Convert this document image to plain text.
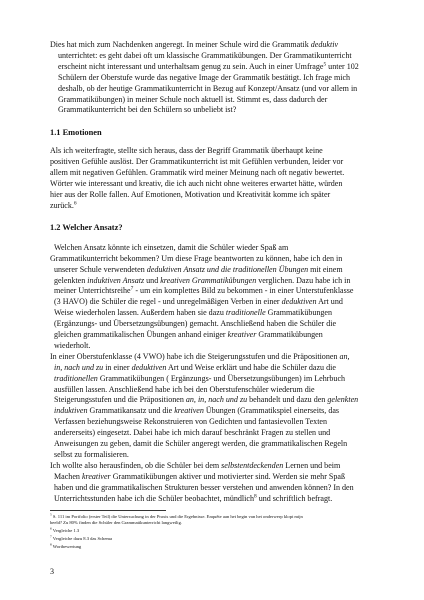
Dies hat mich zum Nachdenken angeregt. In meiner Schule wird die Grammatik deduktiv

unterrichtet: es geht dabei oft um klassische Grammatikübungen. Der Grammatikunterricht

erscheint nicht interessant und unterhaltsam genug zu sein. Auch in einer Umfrage$^5$ unter 102

Schülern der Oberstufe wurde das negative Image der Grammatik bestätigt. Ich frage mich

deshalb, ob der heutige Grammatikunterricht in Bezug auf Konzept/Ansatz (und vor allem in

Grammatikübungen) in meiner Schule noch aktuell ist. Stimmt es, dass dadurch der

Grammatikunterricht bei den Schülern so unbeliebt ist?

1.1 Emotionen

Als ich weiterfragte, stellte sich heraus, dass der Begriff Grammatik überhaupt keine

positiven Gefühle auslöst. Der Grammatikunterricht ist mit Gefühlen verbunden, leider vor

allem mit negativen Gefühlen. Grammatik wird meiner Meinung nach oft negativ bewertet.

Wörter wie interessant und kreativ, die ich auch nicht ohne weiteres erwartet hätte, würden

hier aus der Rolle fallen. Auf Emotionen, Motivation und Kreativität komme ich später

zurück.$^6$

1.2 Welcher Ansatz?

Welchen Ansatz könnte ich einsetzen, damit die Schüler wieder Spaß am

Grammatikunterricht bekommen? Um diese Frage beantworten zu können, habe ich den in

unserer Schule verwendeten deduktiven Ansatz und die traditionellen Übungen mit einem

gelenkten induktiven Ansatz und kreativen Grammatikübungen verglichen. Dazu habe ich in

meiner Unterrichtsreihe$^7$ - um ein komplettes Bild zu bekommen - in einer Unterstufenklasse

(3 HAVO) die Schüler die regel - und unregelmäßigen Verben in einer deduktiven Art und

Weise wiederholen lassen. Außerdem haben sie dazu traditionelle Grammatikübungen

(Ergänzungs- und Übersetzungsübungen) gemacht. Anschließend haben die Schüler die

gleichen grammatikalischen Übungen anhand einiger kreativer Grammatikübungen

wiederholt.

In einer Oberstufenklasse (4 VWO) habe ich die Steigerungsstufen und die Präpositionen an,

in, nach und zu in einer deduktiven Art und Weise erklärt und habe die Schüler dazu die

traditionellen Grammatikübungen ( Ergänzungs- und Übersetzungsübungen) im Lehrbuch

ausfüllen lassen. Anschließend habe ich bei den Oberstufenschüler wiederum die

Steigerungsstufen und die Präpositionen an, in, nach und zu behandelt und dazu den gelenkten

induktiven Grammatikansatz und die kreativen Übungen (Grammatikspiel einerseits, das

Verfassen beziehungsweise Rekonstruieren von Gedichten und fantasievollen Texten

andererseits) eingesetzt. Dabei habe ich mich darauf beschränkt Fragen zu stellen und

Anweisungen zu geben, damit die Schüler angeregt werden, die grammatikalischen Regeln

selbst zu formalisieren.

Ich wollte also herausfinden, ob die Schüler bei dem selbstentdeckenden Lernen und beim

Machen kreativer Grammatikübungen aktiver und motivierter sind. Werden sie mehr Spaß

haben und die grammatikalischen Strukturen besser verstehen und anwenden können? In den

Unterrichtsstunden habe ich die Schüler beobachtet, mündlich$^8$ und schriftlich befragt.

$^5$ S. 111 im Portfolio (erster Teil) die Untersuchung in der Praxis und die Ergebnisse. Enquête aan het begin van het onderwerp klopt mijn
beeld? Zu 80% finden die Schüler den Grammatikunterricht langweilig.

$^6$ Vergleiche 1.3

$^7$ Vergleiche dazu 8.3 das Schema

$^8$ Wortbewertung

3
